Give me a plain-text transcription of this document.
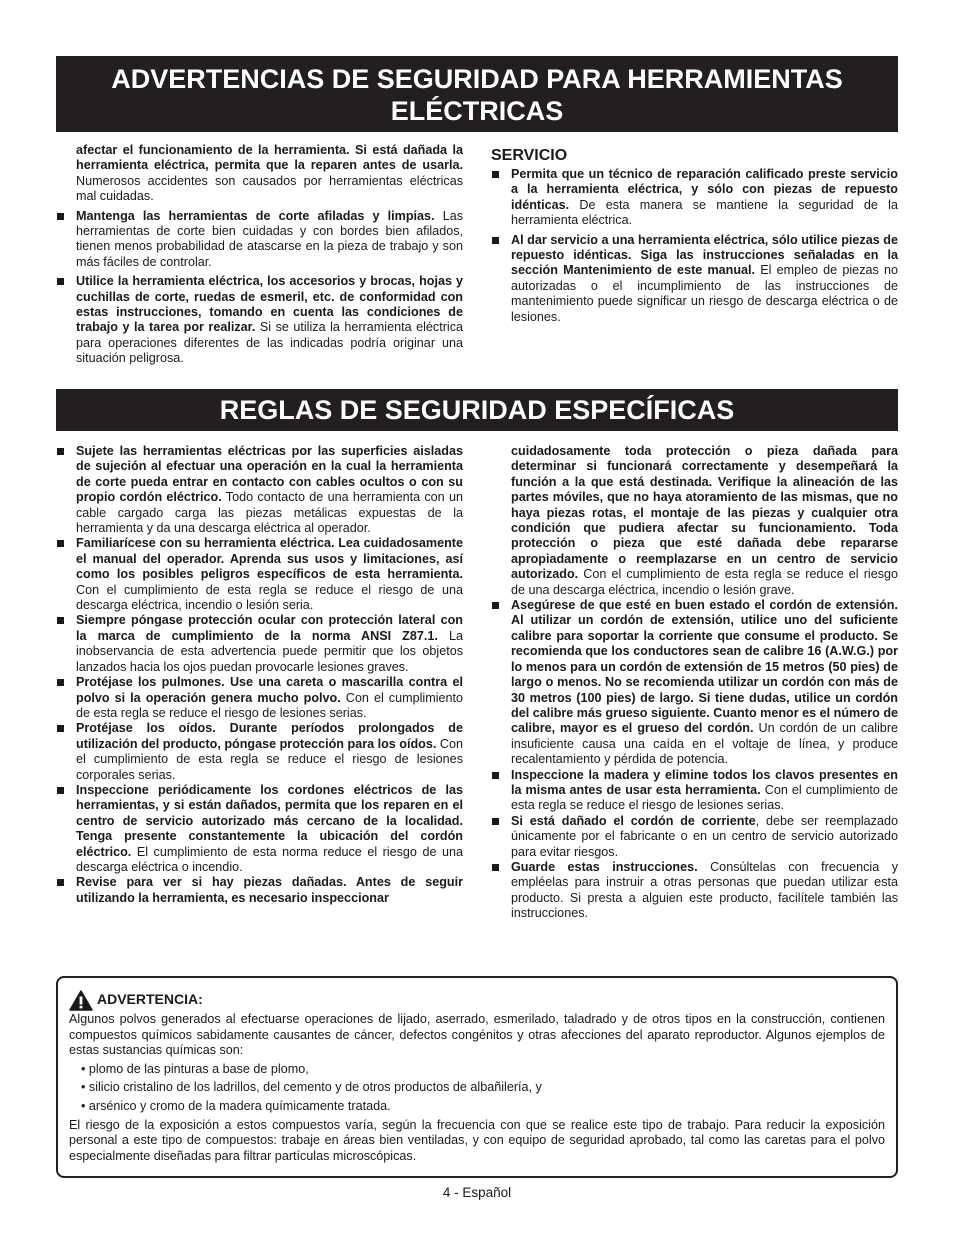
ADVERTENCIAS DE SEGURIDAD PARA HERRAMIENTAS ELÉCTRICAS

afectar el funcionamiento de la herramienta. Si está dañada la herramienta eléctrica, permita que la reparen antes de usarla. Numerosos accidentes son causados por herramientas eléctricas mal cuidadas.

Mantenga las herramientas de corte afiladas y limpias. Las herramientas de corte bien cuidadas y con bordes bien afilados, tienen menos probabilidad de atascarse en la pieza de trabajo y son más fáciles de controlar.

Utilice la herramienta eléctrica, los accesorios y brocas, hojas y cuchillas de corte, ruedas de esmeril, etc. de conformidad con estas instrucciones, tomando en cuenta las condiciones de trabajo y la tarea por realizar. Si se utiliza la herramienta eléctrica para operaciones diferentes de las indicadas podría originar una situación peligrosa.

SERVICIO

Permita que un técnico de reparación calificado preste servicio a la herramienta eléctrica, y sólo con piezas de repuesto idénticas. De esta manera se mantiene la seguridad de la herramienta eléctrica.

Al dar servicio a una herramienta eléctrica, sólo utilice piezas de repuesto idénticas. Siga las instrucciones señaladas en la sección Mantenimiento de este manual. El empleo de piezas no autorizadas o el incumplimiento de las instrucciones de mantenimiento puede significar un riesgo de descarga eléctrica o de lesiones.

REGLAS DE SEGURIDAD ESPECÍFICAS

Sujete las herramientas eléctricas por las superficies aisladas de sujeción al efectuar una operación en la cual la herramienta de corte pueda entrar en contacto con cables ocultos o con su propio cordón eléctrico. Todo contacto de una herramienta con un cable cargado carga las piezas metálicas expuestas de la herramienta y da una descarga eléctrica al operador.

Familiarícese con su herramienta eléctrica. Lea cuidadosamente el manual del operador. Aprenda sus usos y limitaciones, así como los posibles peligros específicos de esta herramienta. Con el cumplimiento de esta regla se reduce el riesgo de una descarga eléctrica, incendio o lesión seria.

Siempre póngase protección ocular con protección lateral con la marca de cumplimiento de la norma ANSI Z87.1. La inobservancia de esta advertencia puede permitir que los objetos lanzados hacia los ojos puedan provocarle lesiones graves.

Protéjase los pulmones. Use una careta o mascarilla contra el polvo si la operación genera mucho polvo. Con el cumplimiento de esta regla se reduce el riesgo de lesiones serias.

Protéjase los oídos. Durante períodos prolongados de utilización del producto, póngase protección para los oídos. Con el cumplimiento de esta regla se reduce el riesgo de lesiones corporales serias.

Inspeccione periódicamente los cordones eléctricos de las herramientas, y si están dañados, permita que los reparen en el centro de servicio autorizado más cercano de la localidad. Tenga presente constantemente la ubicación del cordón eléctrico. El cumplimiento de esta norma reduce el riesgo de una descarga eléctrica o incendio.

Revise para ver si hay piezas dañadas. Antes de seguir utilizando la herramienta, es necesario inspeccionar

cuidadosamente toda protección o pieza dañada para determinar si funcionará correctamente y desempeñará la función a la que está destinada. Verifique la alineación de las partes móviles, que no haya atoramiento de las mismas, que no haya piezas rotas, el montaje de las piezas y cualquier otra condición que pudiera afectar su funcionamiento. Toda protección o pieza que esté dañada debe repararse apropiadamente o reemplazarse en un centro de servicio autorizado. Con el cumplimiento de esta regla se reduce el riesgo de una descarga eléctrica, incendio o lesión grave.

Asegúrese de que esté en buen estado el cordón de extensión. Al utilizar un cordón de extensión, utilice uno del suficiente calibre para soportar la corriente que consume el producto. Se recomienda que los conductores sean de calibre 16 (A.W.G.) por lo menos para un cordón de extensión de 15 metros (50 pies) de largo o menos. No se recomienda utilizar un cordón con más de 30 metros (100 pies) de largo. Si tiene dudas, utilice un cordón del calibre más grueso siguiente. Cuanto menor es el número de calibre, mayor es el grueso del cordón. Un cordón de un calibre insuficiente causa una caída en el voltaje de línea, y produce recalentamiento y pérdida de potencia.

Inspeccione la madera y elimine todos los clavos presentes en la misma antes de usar esta herramienta. Con el cumplimiento de esta regla se reduce el riesgo de lesiones serias.

Si está dañado el cordón de corriente, debe ser reemplazado únicamente por el fabricante o en un centro de servicio autorizado para evitar riesgos.

Guarde estas instrucciones. Consúltelas con frecuencia y empléelas para instruir a otras personas que puedan utilizar esta producto. Si presta a alguien este producto, facilítele también las instrucciones.

ADVERTENCIA:

Algunos polvos generados al efectuarse operaciones de lijado, aserrado, esmerilado, taladrado y de otros tipos en la construcción, contienen compuestos químicos sabidamente causantes de cáncer, defectos congénitos y otras afecciones del aparato reproductor. Algunos ejemplos de estas sustancias químicas son:

• plomo de las pinturas a base de plomo,

• silicio cristalino de los ladrillos, del cemento y de otros productos de albañilería, y

• arsénico y cromo de la madera químicamente tratada.

El riesgo de la exposición a estos compuestos varía, según la frecuencia con que se realice este tipo de trabajo. Para reducir la exposición personal a este tipo de compuestos: trabaje en áreas bien ventiladas, y con equipo de seguridad aprobado, tal como las caretas para el polvo especialmente diseñadas para filtrar partículas microscópicas.

4 - Español
